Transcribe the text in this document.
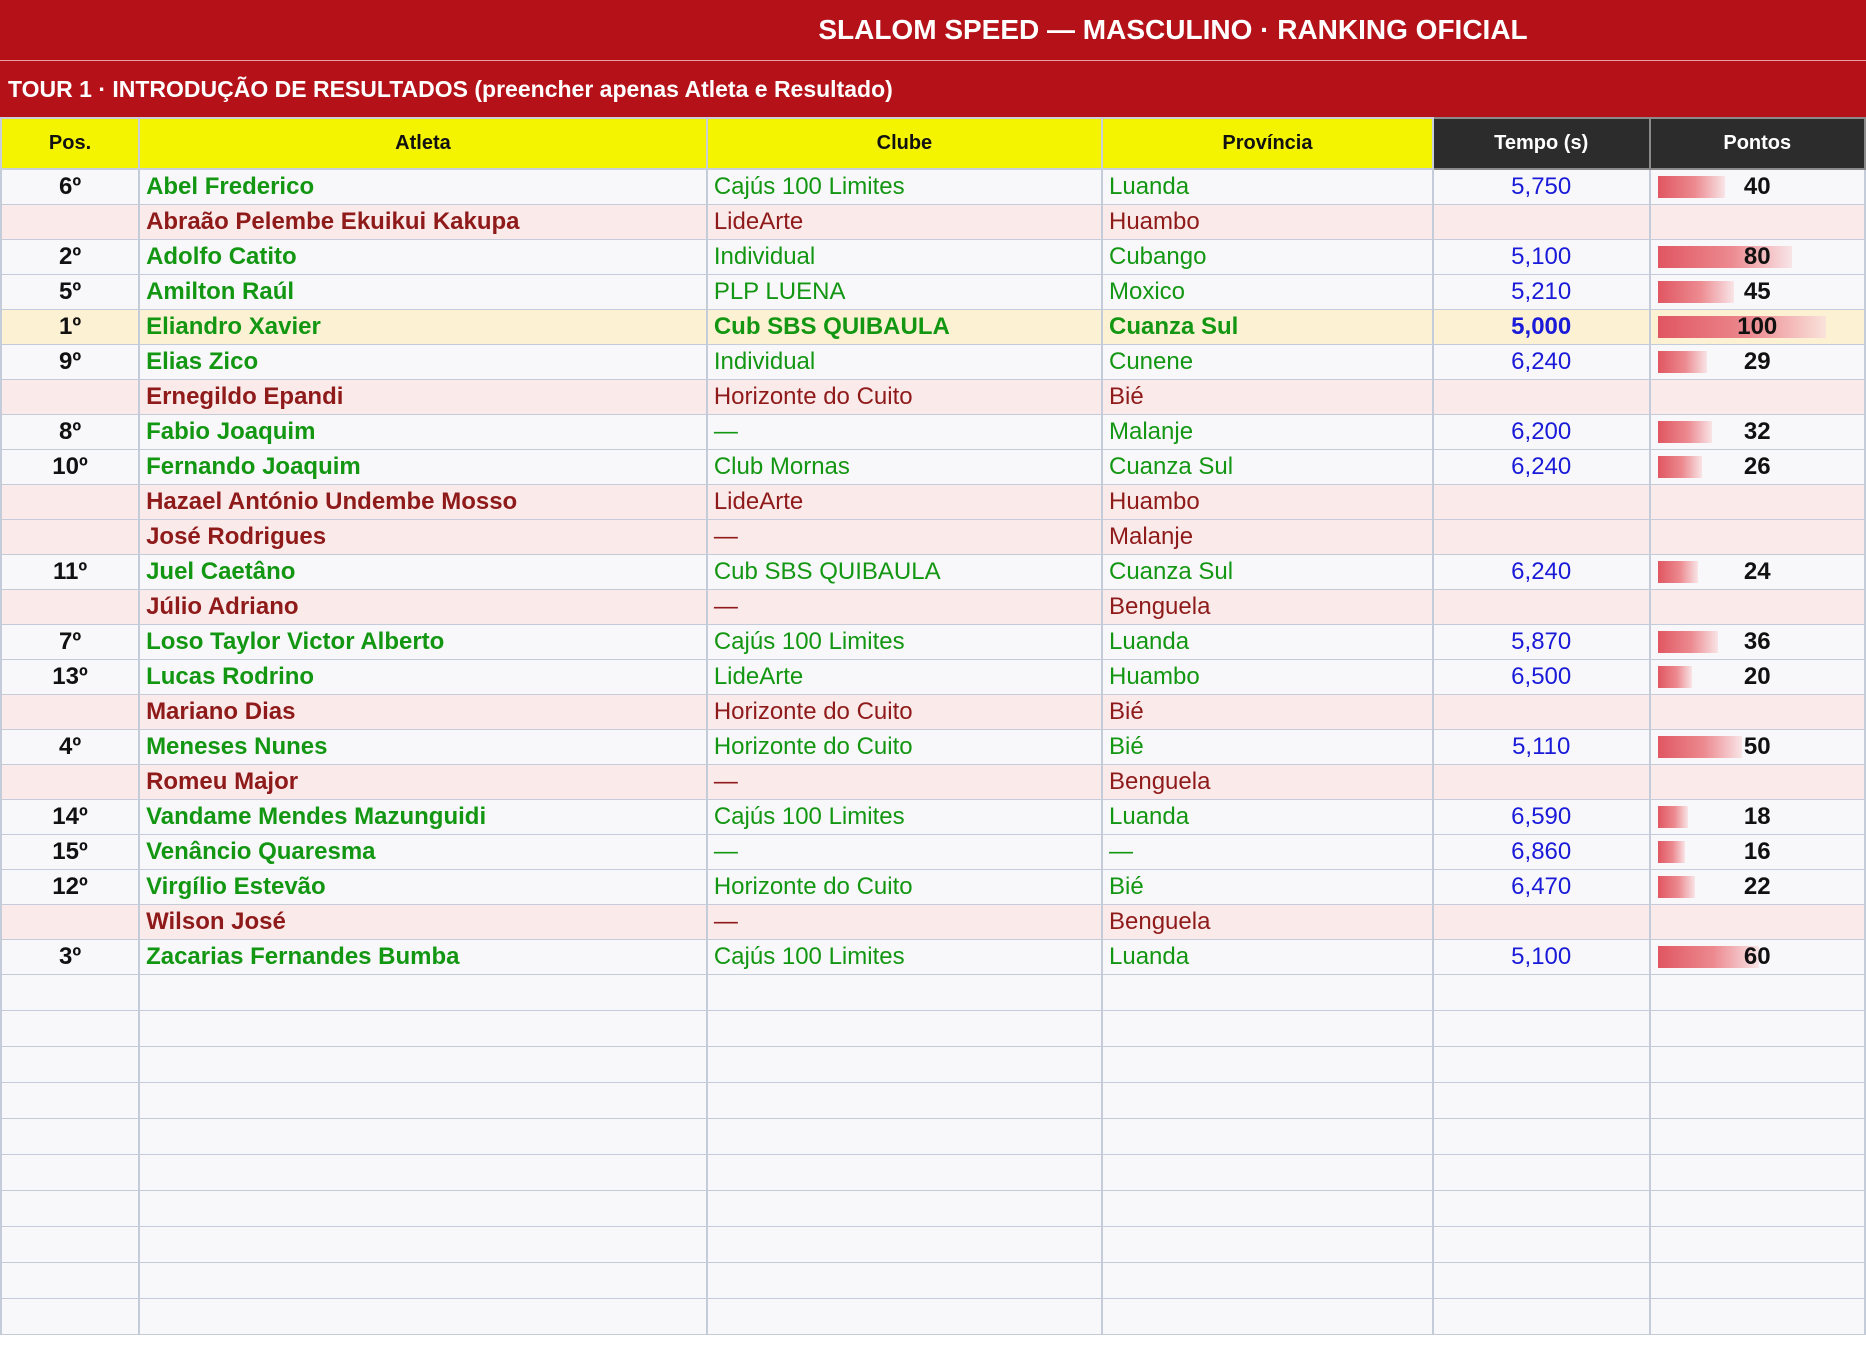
SLALOM SPEED — MASCULINO · RANKING OFICIAL
TOUR 1 · INTRODUÇÃO DE RESULTADOS (preencher apenas Atleta e Resultado)
Pos.	Atleta	Clube	Província	Tempo (s)	Pontos
6º	Abel Frederico	Cajús 100 Limites	Luanda	5,750	40
	Abraão Pelembe Ekuikui Kakupa	LideArte	Huambo		
2º	Adolfo Catito	Individual	Cubango	5,100	80
5º	Amilton Raúl	PLP LUENA	Moxico	5,210	45
1º	Eliandro Xavier	Cub SBS QUIBAULA	Cuanza Sul	5,000	100
9º	Elias Zico	Individual	Cunene	6,240	29
	Ernegildo Epandi	Horizonte do Cuito	Bié		
8º	Fabio Joaquim	—	Malanje	6,200	32
10º	Fernando Joaquim	Club Mornas	Cuanza Sul	6,240	26
	Hazael António Undembe Mosso	LideArte	Huambo		
	José Rodrigues	—	Malanje		
11º	Juel Caetâno	Cub SBS QUIBAULA	Cuanza Sul	6,240	24
	Júlio Adriano	—	Benguela		
7º	Loso Taylor Victor Alberto	Cajús 100 Limites	Luanda	5,870	36
13º	Lucas Rodrino	LideArte	Huambo	6,500	20
	Mariano Dias	Horizonte do Cuito	Bié		
4º	Meneses Nunes	Horizonte do Cuito	Bié	5,110	50
	Romeu Major	—	Benguela		
14º	Vandame Mendes Mazunguidi	Cajús 100 Limites	Luanda	6,590	18
15º	Venâncio Quaresma	—	—	6,860	16
12º	Virgílio Estevão	Horizonte do Cuito	Bié	6,470	22
	Wilson José	—	Benguela		
3º	Zacarias Fernandes Bumba	Cajús 100 Limites	Luanda	5,100	60
